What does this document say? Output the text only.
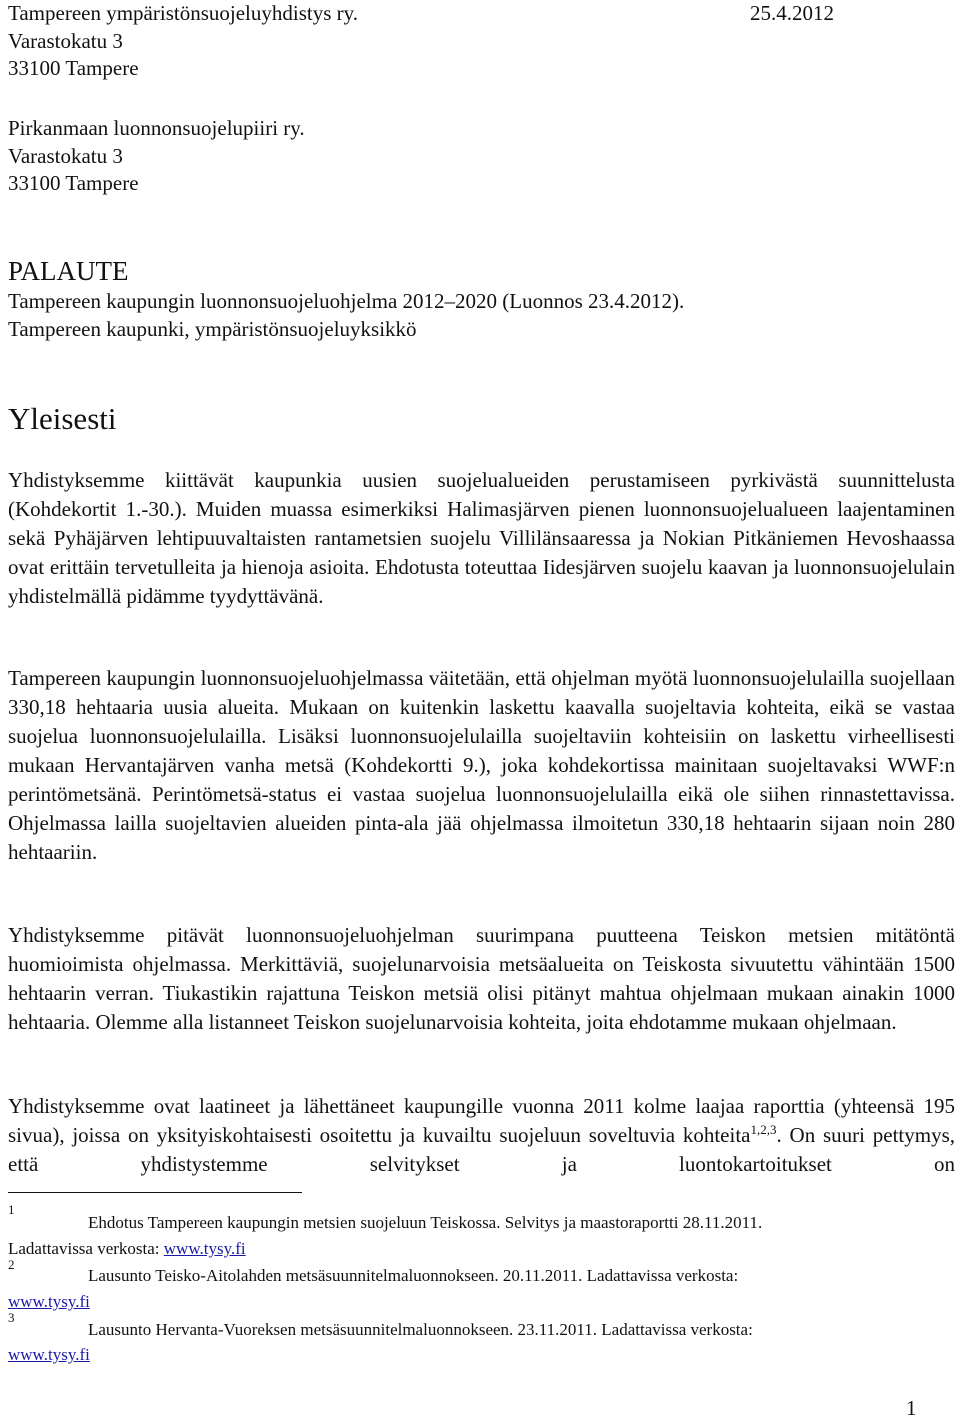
Tampereen ympäristönsuojeluyhdistys ry.	25.4.2012
Varastokatu 3
33100 Tampere
Pirkanmaan luonnonsuojelupiiri ry.
Varastokatu 3
33100 Tampere
PALAUTE
Tampereen kaupungin luonnonsuojeluohjelma 2012–2020 (Luonnos 23.4.2012).
Tampereen kaupunki, ympäristönsuojeluyksikkö
Yleisesti

Yhdistyksemme kiittävät kaupunkia uusien suojelualueiden perustamiseen pyrkivästä suunnittelusta (Kohdekortit 1.-30.). Muiden muassa esimerkiksi Halimasjärven pienen luonnonsuojelualueen laajentaminen sekä Pyhäjärven lehtipuuvaltaisten rantametsien suojelu Villilänsaaressa ja Nokian Pitkäniemen Hevoshaassa ovat erittäin tervetulleita ja hienoja asioita. Ehdotusta toteuttaa Iidesjärven suojelu kaavan ja luonnonsuojelulain yhdistelmällä pidämme tyydyttävänä.

Tampereen kaupungin luonnonsuojeluohjelmassa väitetään, että ohjelman myötä luonnonsuojelulailla suojellaan 330,18 hehtaaria uusia alueita. Mukaan on kuitenkin laskettu kaavalla suojeltavia kohteita, eikä se vastaa suojelua luonnonsuojelulailla. Lisäksi luonnonsuojelulailla suojeltaviin kohteisiin on laskettu virheellisesti mukaan Hervantajärven vanha metsä (Kohdekortti 9.), joka kohdekortissa mainitaan suojeltavaksi WWF:n perintömetsänä. Perintömetsä-status ei vastaa suojelua luonnonsuojelulailla eikä ole siihen rinnastettavissa. Ohjelmassa lailla suojeltavien alueiden pinta-ala jää ohjelmassa ilmoitetun 330,18 hehtaarin sijaan noin 280 hehtaariin.

Yhdistyksemme pitävät luonnonsuojeluohjelman suurimpana puutteena Teiskon metsien mitätöntä huomioimista ohjelmassa. Merkittäviä, suojelunarvoisia metsäalueita on Teiskosta sivuutettu vähintään 1500 hehtaarin verran. Tiukastikin rajattuna Teiskon metsiä olisi pitänyt mahtua ohjelmaan mukaan ainakin 1000 hehtaaria. Olemme alla listanneet Teiskon suojelunarvoisia kohteita, joita ehdotamme mukaan ohjelmaan.

Yhdistyksemme ovat laatineet ja lähettäneet kaupungille vuonna 2011 kolme laajaa raporttia (yhteensä 195 sivua), joissa on yksityiskohtaisesti osoitettu ja kuvailtu suojeluun soveltuvia kohteita$^{1,2,3}$. On suuri pettymys, että yhdistystemme selvitykset ja luontokartoitukset on

1
Ehdotus Tampereen kaupungin metsien suojeluun Teiskossa. Selvitys ja maastoraportti 28.11.2011.
Ladattavissa verkosta: www.tysy.fi
2
Lausunto Teisko-Aitolahden metsäsuunnitelmaluonnokseen. 20.11.2011. Ladattavissa verkosta:
www.tysy.fi
3
Lausunto Hervanta-Vuoreksen metsäsuunnitelmaluonnokseen. 23.11.2011. Ladattavissa verkosta:
www.tysy.fi
1
